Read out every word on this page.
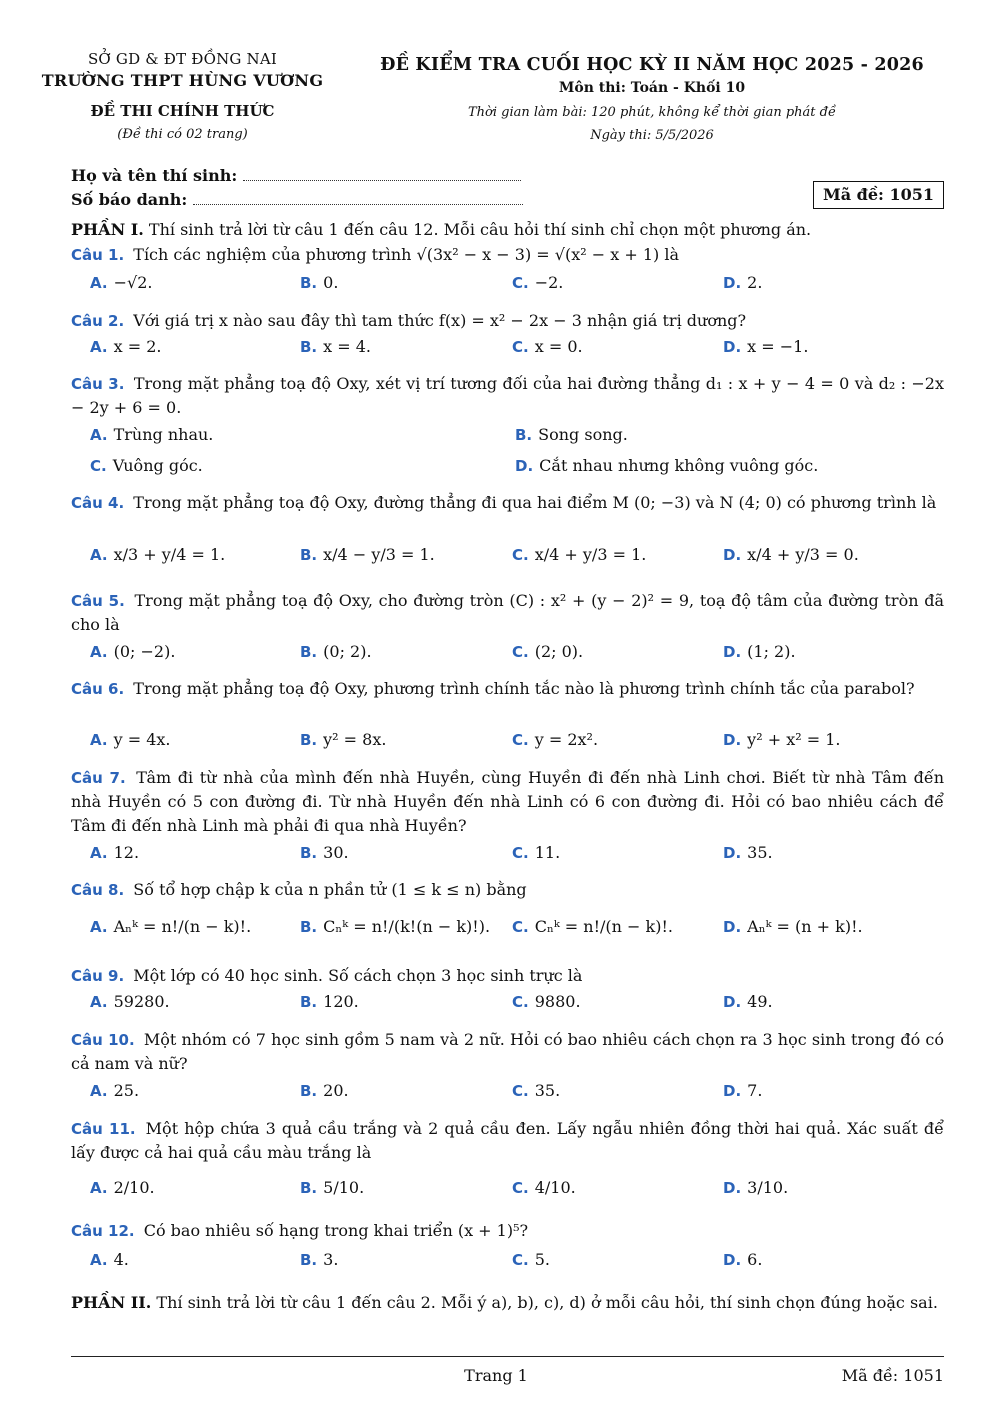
SỞ GD & ĐT ĐỒNG NAI
TRƯỜNG THPT HÙNG VƯƠNG
ĐỀ THI CHÍNH THỨC
(Đề thi có 02 trang)
ĐỀ KIỂM TRA CUỐI HỌC KỲ II NĂM HỌC 2025 - 2026
Môn thi: Toán - Khối 10
Thời gian làm bài: 120 phút, không kể thời gian phát đề
Ngày thi: 5/5/2026
Họ và tên thí sinh:
Số báo danh:	Mã đề: 1051
PHẦN I. Thí sinh trả lời từ câu 1 đến câu 12. Mỗi câu hỏi thí sinh chỉ chọn một phương án.
Câu 1. Tích các nghiệm của phương trình √(3x² − x − 3) = √(x² − x + 1) là
A. −√2.	B. 0.	C. −2.	D. 2.
Câu 2. Với giá trị x nào sau đây thì tam thức f(x) = x² − 2x − 3 nhận giá trị dương?
A. x = 2.	B. x = 4.	C. x = 0.	D. x = −1.
Câu 3. Trong mặt phẳng toạ độ Oxy, xét vị trí tương đối của hai đường thẳng d₁ : x + y − 4 = 0 và d₂ : −2x − 2y + 6 = 0.
A. Trùng nhau.	B. Song song.
C. Vuông góc.	D. Cắt nhau nhưng không vuông góc.
Câu 4. Trong mặt phẳng toạ độ Oxy, đường thẳng đi qua hai điểm M (0; −3) và N (4; 0) có phương trình là
A. x/3 + y/4 = 1.	B. x/4 − y/3 = 1.	C. x/4 + y/3 = 1.	D. x/4 + y/3 = 0.
Câu 5. Trong mặt phẳng toạ độ Oxy, cho đường tròn (C) : x² + (y − 2)² = 9, toạ độ tâm của đường tròn đã cho là
A. (0; −2).	B. (0; 2).	C. (2; 0).	D. (1; 2).
Câu 6. Trong mặt phẳng toạ độ Oxy, phương trình chính tắc nào là phương trình chính tắc của parabol?
A. y = 4x.	B. y² = 8x.	C. y = 2x².	D. y² + x² = 1.
Câu 7. Tâm đi từ nhà của mình đến nhà Huyền, cùng Huyền đi đến nhà Linh chơi. Biết từ nhà Tâm đến nhà Huyền có 5 con đường đi. Từ nhà Huyền đến nhà Linh có 6 con đường đi. Hỏi có bao nhiêu cách để Tâm đi đến nhà Linh mà phải đi qua nhà Huyền?
A. 12.	B. 30.	C. 11.	D. 35.
Câu 8. Số tổ hợp chập k của n phần tử (1 ≤ k ≤ n) bằng
A. Aₙᵏ = n!/(n − k)!.	B. Cₙᵏ = n!/(k!(n − k)!). C. Cₙᵏ = n!/(n − k)!.	D. Aₙᵏ = (n + k)!.
Câu 9. Một lớp có 40 học sinh. Số cách chọn 3 học sinh trực là
A. 59280.	B. 120.	C. 9880.	D. 49.
Câu 10. Một nhóm có 7 học sinh gồm 5 nam và 2 nữ. Hỏi có bao nhiêu cách chọn ra 3 học sinh trong đó có cả nam và nữ?
A. 25.	B. 20.	C. 35.	D. 7.
Câu 11. Một hộp chứa 3 quả cầu trắng và 2 quả cầu đen. Lấy ngẫu nhiên đồng thời hai quả. Xác suất để lấy được cả hai quả cầu màu trắng là
A. 2/10.	B. 5/10.	C. 4/10.	D. 3/10.
Câu 12. Có bao nhiêu số hạng trong khai triển (x + 1)⁵?
A. 4.	B. 3.	C. 5.	D. 6.
PHẦN II. Thí sinh trả lời từ câu 1 đến câu 2. Mỗi ý a), b), c), d) ở mỗi câu hỏi, thí sinh chọn đúng hoặc sai.
Trang 1	Mã đề: 1051
